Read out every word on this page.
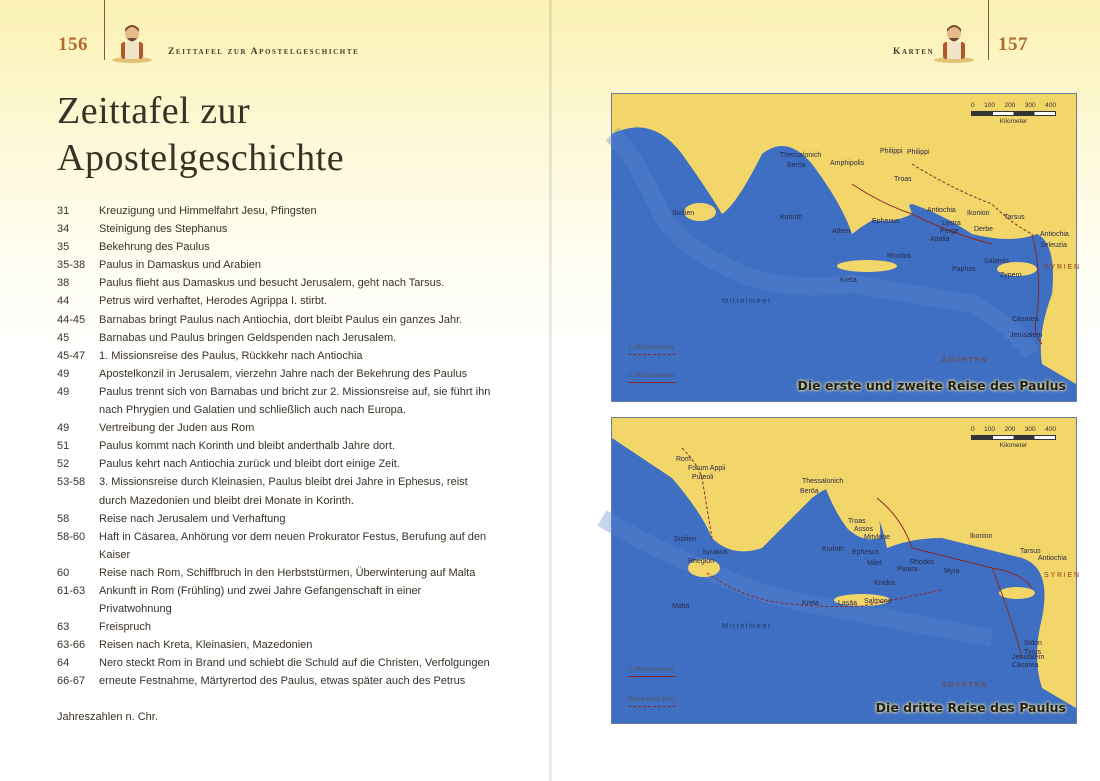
156	Zeittafel zur Apostelgeschichte	Karten	157
Zeittafel zur
Apostelgeschichte
31	Kreuzigung und Himmelfahrt Jesu, Pfingsten
34	Steinigung des Stephanus
35	Bekehrung des Paulus
35-38	Paulus in Damaskus und Arabien
38	Paulus flieht aus Damaskus und besucht Jerusalem, geht nach Tarsus.
44	Petrus wird verhaftet, Herodes Agrippa I. stirbt.
44-45	Barnabas bringt Paulus nach Antiochia, dort bleibt Paulus ein ganzes Jahr.
45	Barnabas und Paulus bringen Geldspenden nach Jerusalem.
45-47	1. Missionsreise des Paulus, Rückkehr nach Antiochia
49	Apostelkonzil in Jerusalem, vierzehn Jahre nach der Bekehrung des Paulus
49	Paulus trennt sich von Barnabas und bricht zur 2. Missionsreise auf, sie führt ihn nach Phrygien und Galatien und schließlich auch nach Europa.
49	Vertreibung der Juden aus Rom
51	Paulus kommt nach Korinth und bleibt anderthalb Jahre dort.
52	Paulus kehrt nach Antiochia zurück und bleibt dort einige Zeit.
53-58	3. Missionsreise durch Kleinasien, Paulus bleibt drei Jahre in Ephesus, reist durch Mazedonien und bleibt drei Monate in Korinth.
58	Reise nach Jerusalem und Verhaftung
58-60	Haft in Cäsarea, Anhörung vor dem neuen Prokurator Festus, Berufung auf den Kaiser
60	Reise nach Rom, Schiffbruch in den Herbststürmen, Überwinterung auf Malta
61-63	Ankunft in Rom (Frühling) und zwei Jahre Gefangenschaft in einer Privatwohnung
63	Freispruch
63-66	Reisen nach Kreta, Kleinasien, Mazedonien
64	Nero steckt Rom in Brand und schiebt die Schuld auf die Christen, Verfolgungen
66-67	erneute Festnahme, Märtyrertod des Paulus, etwas später auch des Petrus
Jahreszahlen n. Chr.
0 100 200 300 400
Kilometer
Mittelmeer
SYRIEN
ÄGYPTEN
Philippi Philippi
Thessalonich
Beröa	Amphipolis
Troas
Sizilien
Korinth
Athen
Ephesus
Antiochia Ikonion
Lystra
Derbe
Perge
Attalia
Tarsus
Antiochia
Seleuzia
Rhodos
Salamis
Paphos
Zypern
Kreta
Cäsarea
Jerusalem
1. Missionsreise
2. Missionsreise
Die erste und zweite Reise des Paulus
0 100 200 300 400
Kilometer
Mittelmeer
SYRIEN
ÄGYPTEN
Rom
Forum Appii
Puteoli
Sizilien
Rhegion
Syrakus
Malta
Thessalonich
Beröa
Troas
Assos
Mitylene
Ephesus
Milet
Korinth
Rhodos
Patara	Myra
Ikonion
Tarsus
Antiochia
Knidos
Salmone
Lasäa
Kreta
Sidon
Tyrus
Cäsarea
Jerusalem
3. Missionsreise
Reise nach Rom
Die dritte Reise des Paulus
